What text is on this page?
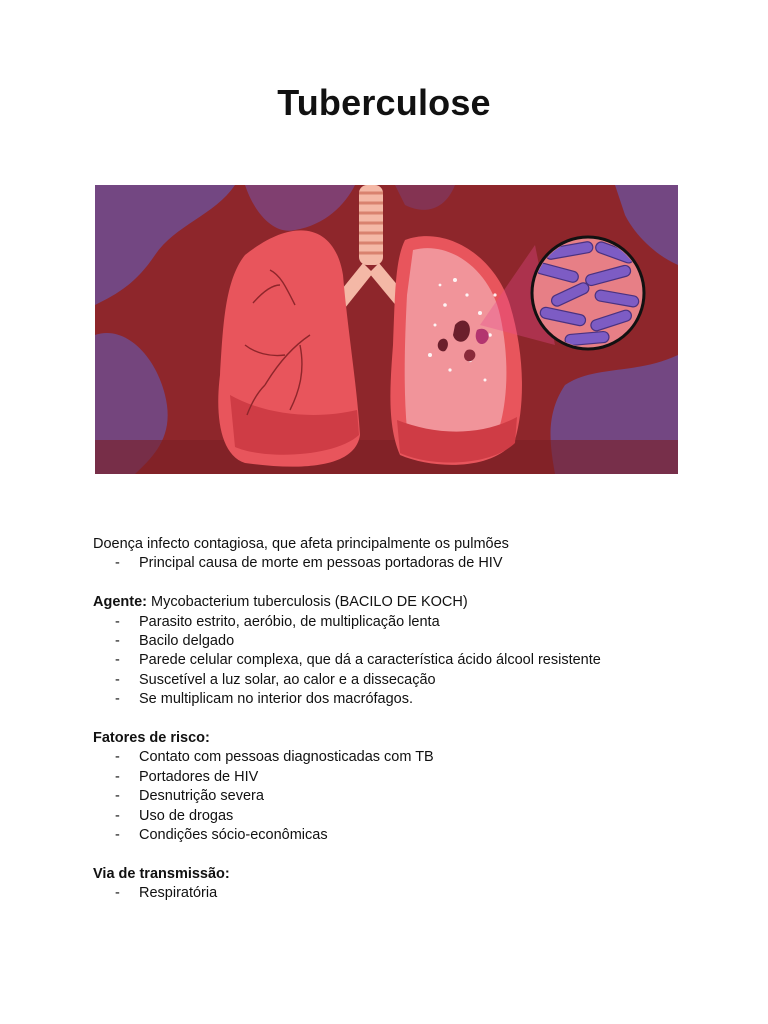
Tuberculose

Doença infecto contagiosa, que afeta principalmente os pulmões

- Principal causa de morte em pessoas portadoras de HIV

Agente: Mycobacterium tuberculosis (BACILO DE KOCH)

- Parasito estrito, aeróbio, de multiplicação lenta
- Bacilo delgado
- Parede celular complexa, que dá a característica ácido álcool resistente
- Suscetível a luz solar, ao calor e a dissecação
- Se multiplicam no interior dos macrófagos.

Fatores de risco:

- Contato com pessoas diagnosticadas com TB
- Portadores de HIV
- Desnutrição severa
- Uso de drogas
- Condições sócio-econômicas

Via de transmissão:

- Respiratória
